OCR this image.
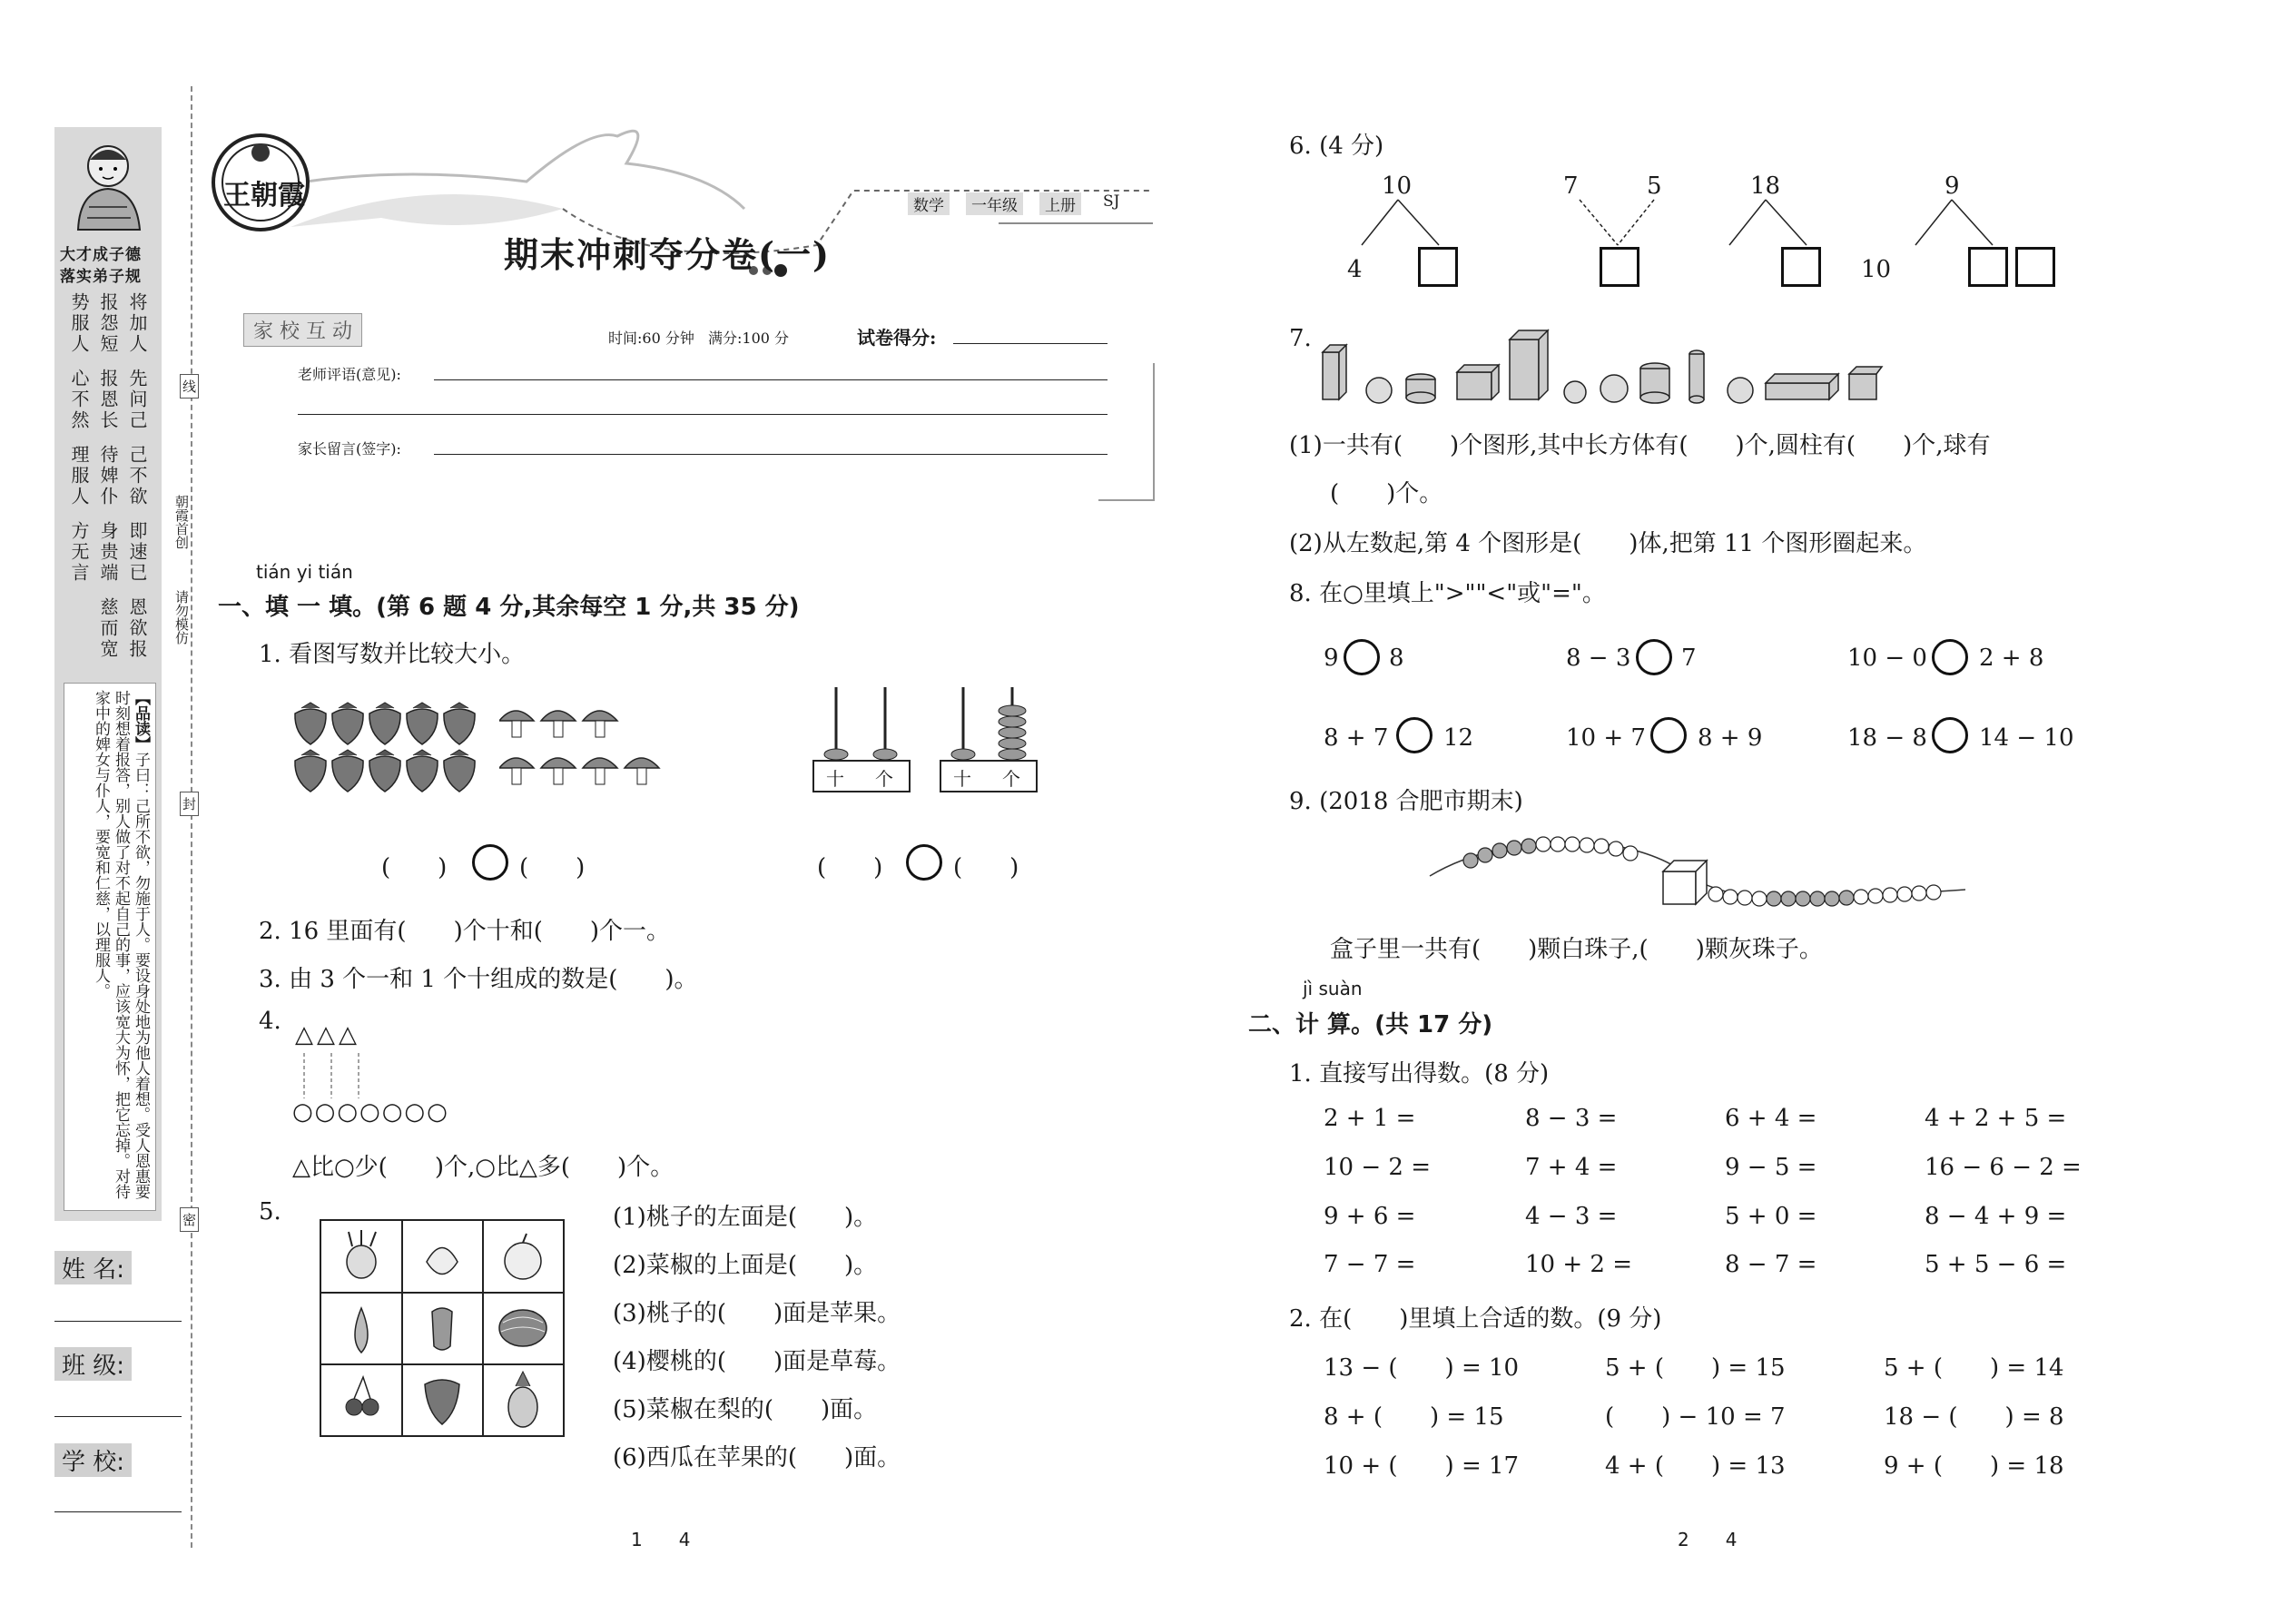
大才成子德
落实弟子规
将加人
先问己
己不欲
即速已
恩欲报
报怨短
报恩长
待婢仆
身贵端
慈而宽
势服人
心不然
理服人
方无言
【品读】子曰：己所不欲，勿施于人。要设身处地为他人着想。受人恩惠要时刻想着报答，别人做了对不起自己的事，应该宽大为怀，把它忘掉。对待家中的婢女与仆人，要宽和仁慈，以理服人。
姓 名:
班 级:
学 校:
线
封
密
朝霞首创
请勿模仿
王朝霞	数学	一年级	上册	SJ
期末冲刺夺分卷(一)
家 校 互 动	时间:60 分钟 满分:100 分	试卷得分:
老师评语(意见):
家长留言(签字):
tián yi tián
一、填 一 填。(第 6 题 4 分,其余每空 1 分,共 35 分)
1. 看图写数并比较大小。
十 个	十 个
(　　)	(　　)	(　　)	(　　)
2. 16 里面有(　　)个十和(　　)个一。
3. 由 3 个一和 1 个十组成的数是(　　)。
4. △△△
○○○○○○○
△比○少(　　)个,○比△多(　　)个。
5.	(1)桃子的左面是(　　)。
(2)菜椒的上面是(　　)。
(3)桃子的(　　)面是苹果。
(4)樱桃的(　　)面是草莓。
(5)菜椒在梨的(　　)面。
(6)西瓜在苹果的(　　)面。
1　　4
6. (4 分)
10
4
7	5	18
10
9
7.
(1)一共有(　　)个图形,其中长方体有(　　)个,圆柱有(　　)个,球有
(　　)个。
(2)从左数起,第 4 个图形是(　　)体,把第 11 个图形圈起来。
8. 在○里填上">""<"或"="。
9 8	8 − 3 7	10 − 0 2 + 8
8 + 7 12	10 + 7 8 + 9	18 − 8 14 − 10
9. (2018 合肥市期末)
盒子里一共有(　　)颗白珠子,(　　)颗灰珠子。
jì suàn
二、计 算。(共 17 分)
1. 直接写出得数。(8 分)
2 + 1 =	8 − 3 =	6 + 4 =	4 + 2 + 5 =
10 − 2 =	7 + 4 =	9 − 5 =	16 − 6 − 2 =
9 + 6 =	4 − 3 =	5 + 0 =	8 − 4 + 9 =
7 − 7 =	10 + 2 =	8 − 7 =	5 + 5 − 6 =
2. 在(　　)里填上合适的数。(9 分)
13 − (　　) = 10	5 + (　　) = 15	5 + (　　) = 14
8 + (　　) = 15	(　　) − 10 = 7	18 − (　　) = 8
10 + (　　) = 17	4 + (　　) = 13	9 + (　　) = 18
2　　4
